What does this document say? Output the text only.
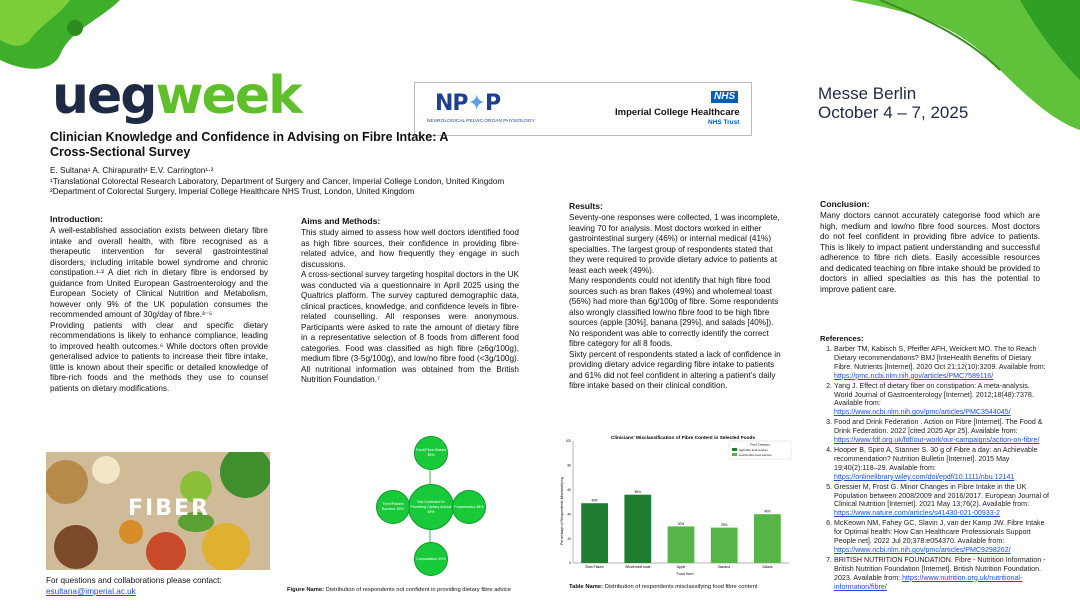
uegweek	NP✦P
NEUROLOGICAL PELVIC ORGAN PHYSIOLOGY
NHS
Imperial College Healthcare
NHS Trust
Messe Berlin
October 4 – 7, 2025
Clinician Knowledge and Confidence in Advising on Fibre Intake: A Cross-Sectional Survey
E. Sultana¹ A. Chirapurath¹ E.V. Carrington¹·²
¹Translational Colorectal Research Laboratory, Department of Surgery and Cancer, Imperial College London, United Kingdom
²Department of Colorectal Surgery, Imperial College Healthcare NHS Trust, London, United Kingdom
Introduction:
A well-established association exists between dietary fibre intake and overall health, with fibre recognised as a therapeutic intervention for several gastrointestinal disorders, including irritable bowel syndrome and chronic constipation.¹·² A diet rich in dietary fibre is endorsed by guidance from United European Gastroenterology and the European Society of Clinical Nutrition and Metabolism, however only 9% of the UK population consumes the recommended amount of 30g/day of fibre.³⁻⁵
Providing patients with clear and specific dietary recommendations is likely to enhance compliance, leading to improved health outcomes.⁶ While doctors often provide generalised advice to patients to increase their fibre intake, little is known about their specific or detailed knowledge of fibre-rich foods and the methods they use to counsel patients on dietary modifications.
FIBER
For questions and collaborations please contact:
esultana@imperial.ac.uk
Aims and Methods:
This study aimed to assess how well doctors identified food as high fibre sources, their confidence in providing fibre-related advice, and how frequently they engage in such discussions.
A cross-sectional survey targeting hospital doctors in the UK was conducted via a questionnaire in April 2025 using the Qualtrics platform. The survey captured demographic data, clinical practices, knowledge, and confidence levels in fibre-related counselling. All responses were anonymous. Participants were asked to rate the amount of dietary fibre in a representative selection of 8 foods from different food categories. Food was classified as high fibre (≥6g/100g), medium fibre (3-5g/100g), and low/no fibre food (<3g/100g). All nutritional information was obtained from the British Nutrition Foundation.⁷
Not Confident in Providing Dietary Advice 39%
Food/Fibre Basics 35%
Frameworks 38%
Consultation 29%
Time/Patient Barriers 38%
Figure Name: Distribution of respondents not confident in providing dietary fibre advice
Results:
Seventy-one responses were collected, 1 was incomplete, leaving 70 for analysis. Most doctors worked in either gastrointestinal surgery (46%) or internal medical (41%) specialties. The largest group of respondents stated that they were required to provide dietary advice to patients at least each week (49%).
Many respondents could not identify that high fibre food sources such as bran flakes (49%) and wholemeal toast (56%) had more than 6g/100g of fibre. Some respondents also wrongly classified low/no fibre food to be high fibre sources (apple [30%], banana [29%], and salads [40%]). No respondent was able to correctly identify the correct fibre category for all 8 foods.
Sixty percent of respondents stated a lack of confidence in providing dietary advice regarding fibre intake to patients and 61% did not feel confident in altering a patient’s daily fibre intake based on their clinical condition.
Clinicians' Misclassification of Fibre Content in Selected Foods
Percentage of Respondents Misclassifying
Food Item
0
20
40
60
80
100
49%
Bran Flakes
56%
Wholemeal toast
30%
Apple
29%
Banana
40%
Salads
Food Category
High fibre food sources
Low/No fibre food sources
Table Name: Distribution of respondents misclassifying food fibre content
Conclusion:
Many doctors cannot accurately categorise food which are high, medium and low/no fibre food sources. Most doctors do not feel confident in providing fibre advice to patients. This is likely to impact patient understanding and successful adherence to fibre rich diets. Easily accessible resources and dedicated teaching on fibre intake should be provided to doctors in allied specialties as this has the potential to improve patient care.
References:
1. Barber TM, Kabisch S, Pfeiffer AFH, Weickert MO. The to Reach Dietary recommendations? BMJ [InteHealth Benefits of Dietary Fibre. Nutrients [Internet]. 2020 Oct 21;12(10):3209. Available from: https://pmc.ncbi.nlm.nih.gov/articles/PMC7589116/
2. Yang J. Effect of dietary fiber on constipation: A meta-analysis. World Journal of Gastroenterology [Internet]. 2012;18(48):7378. Available from: https://www.ncbi.nlm.nih.gov/pmc/articles/PMC3544045/
3. Food and Drink Federation . Action on Fibre [Internet]. The Food & Drink Federation. 2022 [cited 2025 Apr 25]. Available from: https://www.fdf.org.uk/fdf/our-work/our-campaigns/action-on-fibre/
4. Hooper B, Spiro A, Stanner S. 30 g of Fibre a day: an Achievable recommendation? Nutrition Bulletin [Internet]. 2015 May 19;40(2):118–29. Available from: https://onlinelibrary.wiley.com/doi/epdf/10.1111/nbu.12141
5. Gressier M, Frost G. Minor Changes in Fibre Intake in the UK Population between 2008/2009 and 2016/2017. European Journal of Clinical Nutrition [Internet]. 2021 May 13;76(2). Available from: https://www.nature.com/articles/s41430-021-00933-2
6. McKeown NM, Fahey GC, Slavin J, van der Kamp JW. Fibre Intake for Optimal health: How Can Healthcare Professionals Support People net]. 2022 Jul 20;378:e054370. Available from: https://www.ncbi.nlm.nih.gov/pmc/articles/PMC9298262/
7. BRITISH NUTRITION FOUNDATION. Fibre - Nutrition Information - British Nutrition Foundation [Internet]. British Nutrition Foundation. 2023. Available from: https://www.nutrition.org.uk/nutritional-information/fibre/
